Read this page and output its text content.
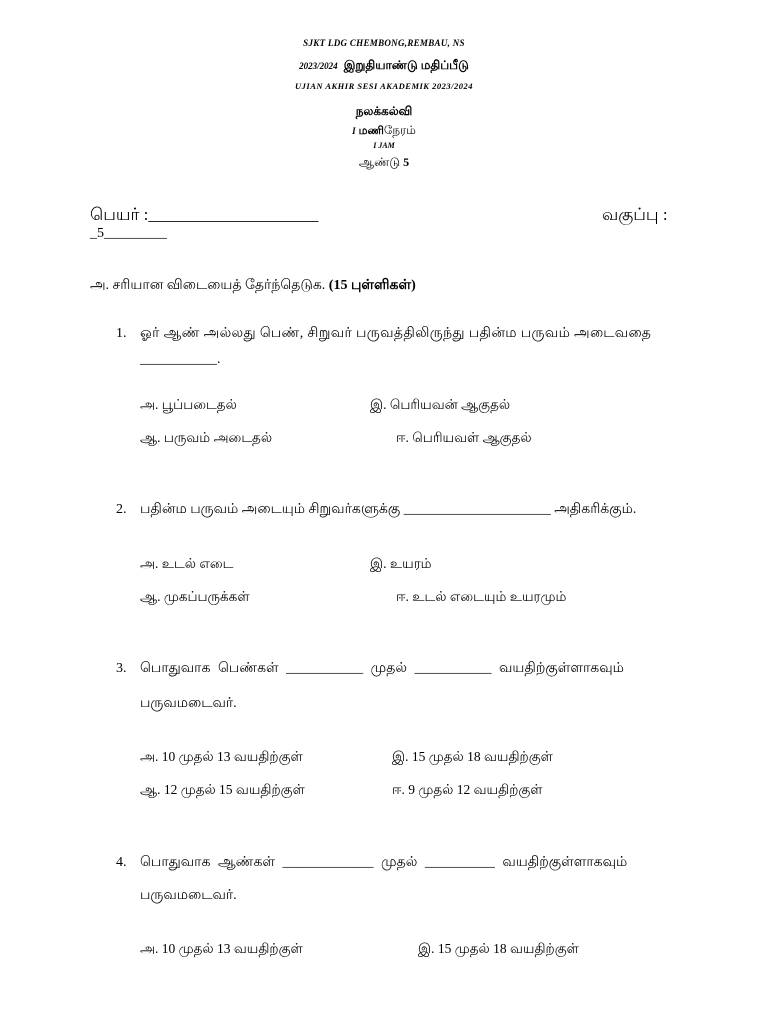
SJKT LDG CHEMBONG,REMBAU, NS
2023/2024 இறுதியாண்டு மதிப்பீடு
UJIAN AKHIR SESI AKADEMIK 2023/2024
நலக்கல்வி
I மணிநேரம்
I JAM
ஆண்டு 5
பெயர் :____________________	வகுப்பு :
_5_________
அ. சரியான விடையைத் தேர்ந்தெடுக. (15 புள்ளிகள்)
1. ஓர் ஆண் அல்லது பெண், சிறுவர் பருவத்திலிருந்து பதின்ம பருவம் அடைவதை
___________.
அ. பூப்படைதல்	இ. பெரியவன் ஆகுதல்
ஆ. பருவம் அடைதல்	ஈ. பெரியவள் ஆகுதல்
2. பதின்ம பருவம் அடையும் சிறுவர்களுக்கு _____________________ அதிகரிக்கும்.
அ. உடல் எடை	இ. உயரம்
ஆ. முகப்பருக்கள்	ஈ. உடல் எடையும் உயரமும்
3. பொதுவாக பெண்கள் ___________ முதல் ___________ வயதிற்குள்ளாகவும்
பருவமடைவர்.
அ. 10 முதல் 13 வயதிற்குள்	இ. 15 முதல் 18 வயதிற்குள்
ஆ. 12 முதல் 15 வயதிற்குள்	ஈ. 9 முதல் 12 வயதிற்குள்
4. பொதுவாக ஆண்கள் _____________ முதல் __________ வயதிற்குள்ளாகவும்
பருவமடைவர்.
அ. 10 முதல் 13 வயதிற்குள்	இ. 15 முதல் 18 வயதிற்குள்
